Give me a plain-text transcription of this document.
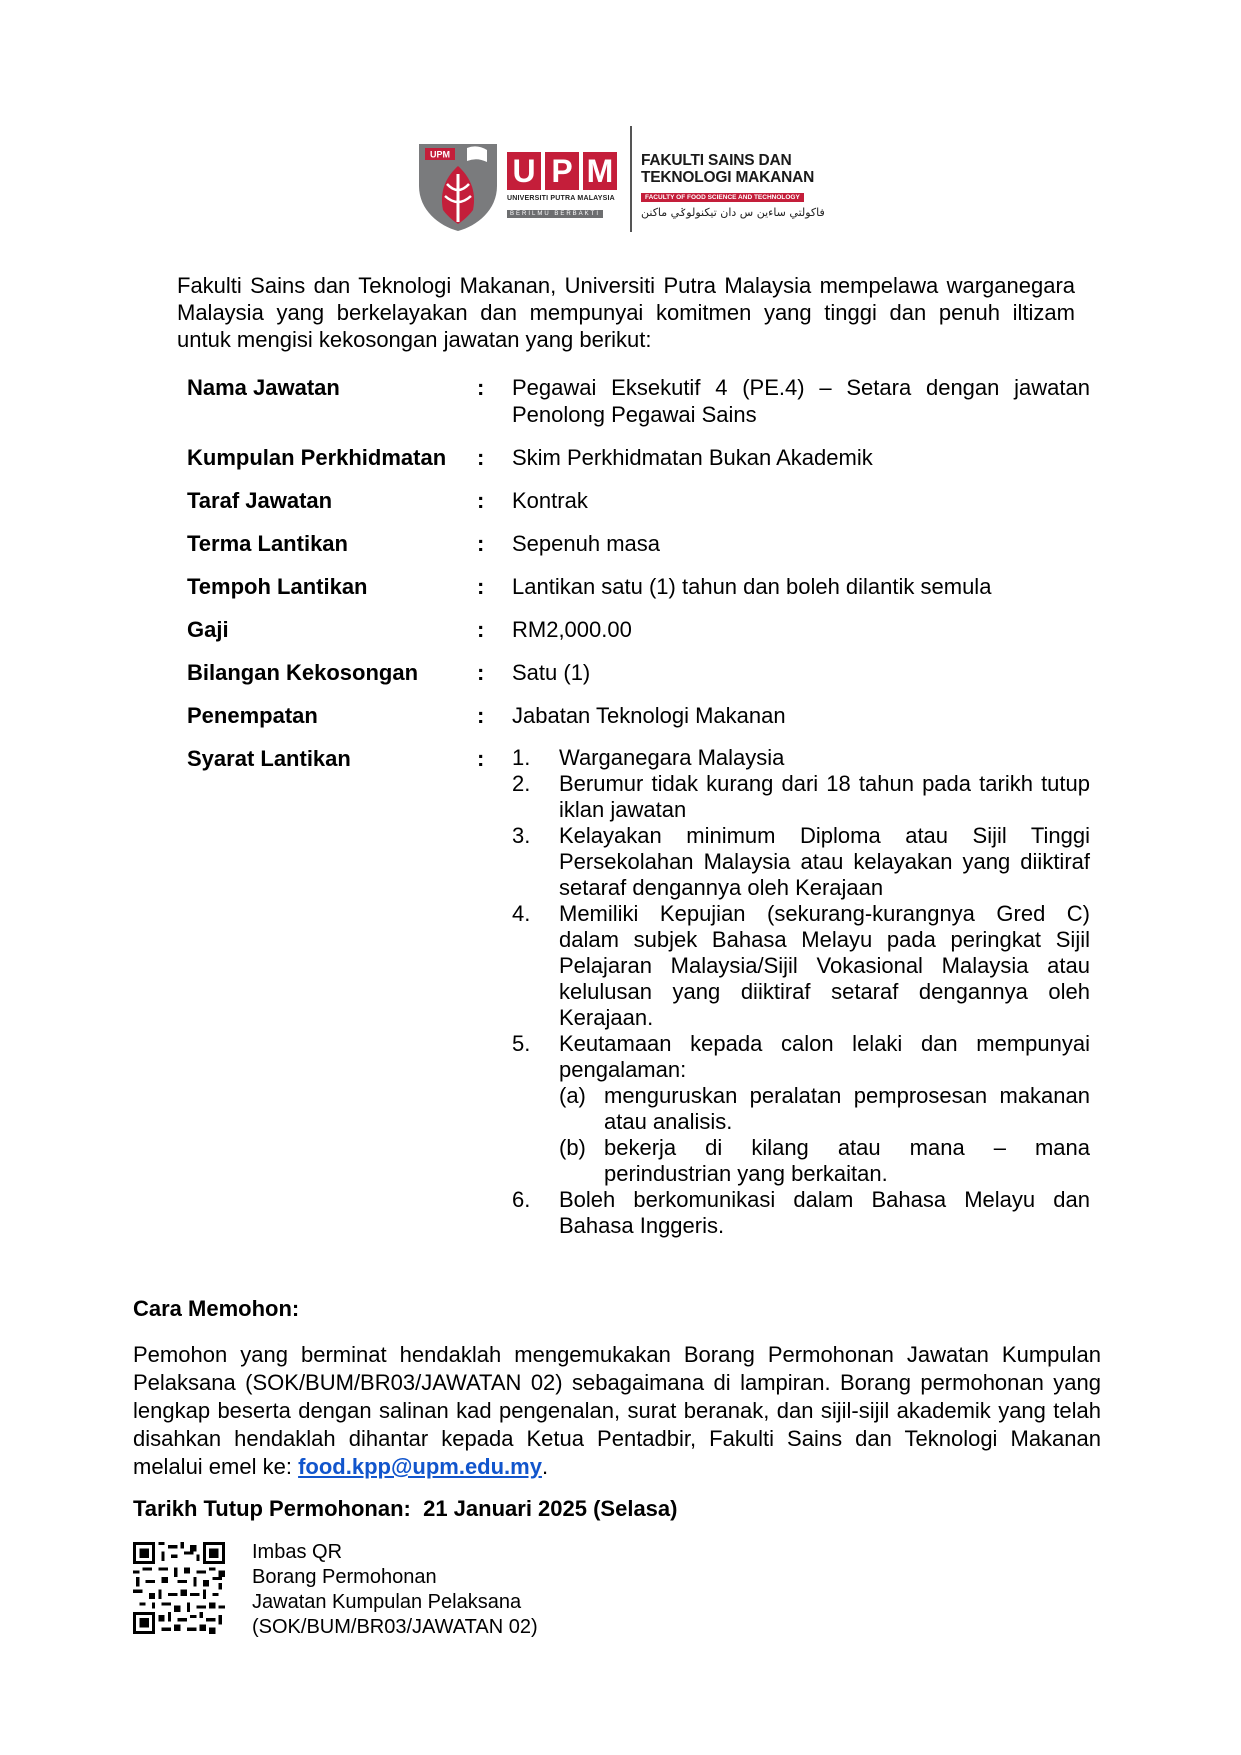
UPM U P M
UNIVERSITI PUTRA MALAYSIA
BERILMU BERBAKTI
FAKULTI SAINS DAN
TEKNOLOGI MAKANAN
FACULTY OF FOOD SCIENCE AND TECHNOLOGY
فاكولتي ساءين س دان تيكنولوݢي ماكنن
Fakulti Sains dan Teknologi Makanan, Universiti Putra Malaysia mempelawa warganegara
Malaysia yang berkelayakan dan mempunyai komitmen yang tinggi dan penuh iltizam
untuk mengisi kekosongan jawatan yang berikut:
Nama Jawatan	:	Pegawai Eksekutif 4 (PE.4) – Setara dengan jawatan
Penolong Pegawai Sains
Kumpulan Perkhidmatan	:	Skim Perkhidmatan Bukan Akademik
Taraf Jawatan	:	Kontrak
Terma Lantikan	:	Sepenuh masa
Tempoh Lantikan	:	Lantikan satu (1) tahun dan boleh dilantik semula
Gaji	:	RM2,000.00
Bilangan Kekosongan	:	Satu (1)
Penempatan	:	Jabatan Teknologi Makanan
Syarat Lantikan	:	1.	Warganegara Malaysia
2.	Berumur tidak kurang dari 18 tahun pada tarikh tutup
iklan jawatan
3.	Kelayakan minimum Diploma atau Sijil Tinggi
Persekolahan Malaysia atau kelayakan yang diiktiraf
setaraf dengannya oleh Kerajaan
4.	Memiliki Kepujian (sekurang-kurangnya Gred C)
dalam subjek Bahasa Melayu pada peringkat Sijil
Pelajaran Malaysia/Sijil Vokasional Malaysia atau
kelulusan yang diiktiraf setaraf dengannya oleh
Kerajaan.
5.	Keutamaan kepada calon lelaki dan mempunyai
pengalaman:
(a) menguruskan peralatan pemprosesan makanan
atau analisis.
(b) bekerja di kilang atau mana – mana
perindustrian yang berkaitan.
6.	Boleh berkomunikasi dalam Bahasa Melayu dan
Bahasa Inggeris.
Cara Memohon:
Pemohon yang berminat hendaklah mengemukakan Borang Permohonan Jawatan Kumpulan
Pelaksana (SOK/BUM/BR03/JAWATAN 02) sebagaimana di lampiran. Borang permohonan yang
lengkap beserta dengan salinan kad pengenalan, surat beranak, dan sijil-sijil akademik yang telah
disahkan hendaklah dihantar kepada Ketua Pentadbir, Fakulti Sains dan Teknologi Makanan
melalui emel ke: food.kpp@upm.edu.my.
Tarikh Tutup Permohonan: 21 Januari 2025 (Selasa)
Imbas QR
Borang Permohonan
Jawatan Kumpulan Pelaksana
(SOK/BUM/BR03/JAWATAN 02)
